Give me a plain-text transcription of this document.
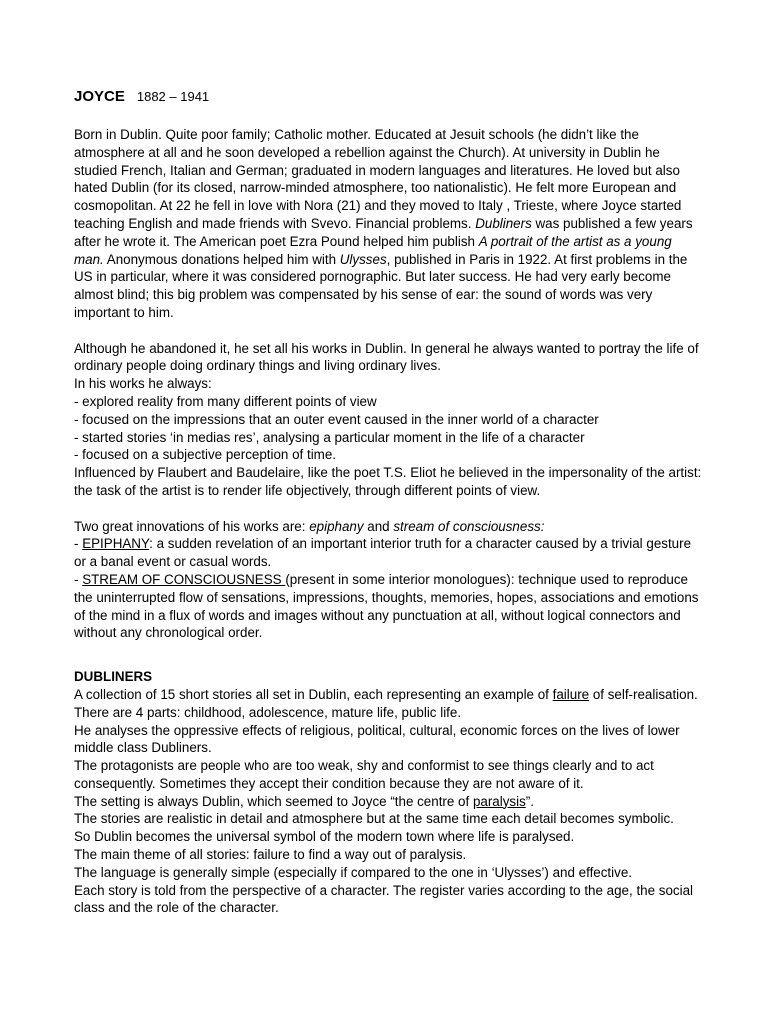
JOYCE 1882 – 1941

Born in Dublin. Quite poor family; Catholic mother. Educated at Jesuit schools (he didn’t like the atmosphere at all and he soon developed a rebellion against the Church). At university in Dublin he studied French, Italian and German; graduated in modern languages and literatures. He loved but also hated Dublin (for its closed, narrow-minded atmosphere, too nationalistic). He felt more European and cosmopolitan. At 22 he fell in love with Nora (21) and they moved to Italy , Trieste, where Joyce started teaching English and made friends with Svevo. Financial problems. Dubliners was published a few years after he wrote it. The American poet Ezra Pound helped him publish A portrait of the artist as a young man. Anonymous donations helped him with Ulysses, published in Paris in 1922. At first problems in the US in particular, where it was considered pornographic. But later success. He had very early become almost blind; this big problem was compensated by his sense of ear: the sound of words was very important to him.

Although he abandoned it, he set all his works in Dublin. In general he always wanted to portray the life of ordinary people doing ordinary things and living ordinary lives.

In his works he always:

- explored reality from many different points of view

- focused on the impressions that an outer event caused in the inner world of a character

- started stories ‘in medias res’, analysing a particular moment in the life of a character

- focused on a subjective perception of time.

Influenced by Flaubert and Baudelaire, like the poet T.S. Eliot he believed in the impersonality of the artist: the task of the artist is to render life objectively, through different points of view.

Two great innovations of his works are: epiphany and stream of consciousness:

- EPIPHANY: a sudden revelation of an important interior truth for a character caused by a trivial gesture or a banal event or casual words.

- STREAM OF CONSCIOUSNESS (present in some interior monologues): technique used to reproduce the uninterrupted flow of sensations, impressions, thoughts, memories, hopes, associations and emotions of the mind in a flux of words and images without any punctuation at all, without logical connectors and without any chronological order.

DUBLINERS

A collection of 15 short stories all set in Dublin, each representing an example of failure of self-realisation.

There are 4 parts: childhood, adolescence, mature life, public life.

He analyses the oppressive effects of religious, political, cultural, economic forces on the lives of lower middle class Dubliners.

The protagonists are people who are too weak, shy and conformist to see things clearly and to act consequently. Sometimes they accept their condition because they are not aware of it.

The setting is always Dublin, which seemed to Joyce “the centre of paralysis”.

The stories are realistic in detail and atmosphere but at the same time each detail becomes symbolic.

So Dublin becomes the universal symbol of the modern town where life is paralysed.

The main theme of all stories: failure to find a way out of paralysis.

The language is generally simple (especially if compared to the one in ‘Ulysses’) and effective.

Each story is told from the perspective of a character. The register varies according to the age, the social class and the role of the character.
